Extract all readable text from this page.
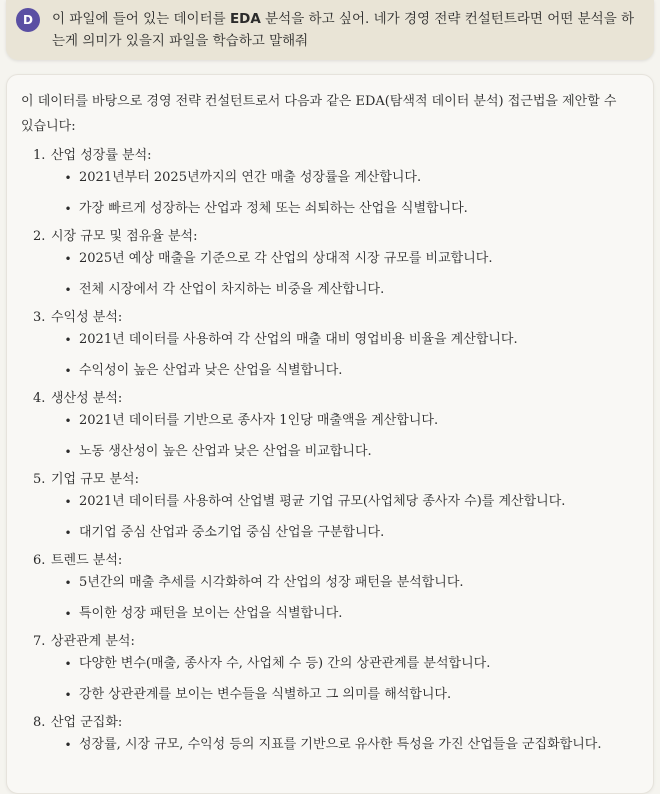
D	이 파일에 들어 있는 데이터를 EDA 분석을 하고 싶어. 네가 경영 전략 컨설턴트라면 어떤 분석을 하는게 의미가 있을지 파일을 학습하고 말해줘
이 데이터를 바탕으로 경영 전략 컨설턴트로서 다음과 같은 EDA(탐색적 데이터 분석) 접근법을 제안할 수 있습니다:
1. 산업 성장률 분석:
• 2021년부터 2025년까지의 연간 매출 성장률을 계산합니다.
• 가장 빠르게 성장하는 산업과 정체 또는 쇠퇴하는 산업을 식별합니다.
2. 시장 규모 및 점유율 분석:
• 2025년 예상 매출을 기준으로 각 산업의 상대적 시장 규모를 비교합니다.
• 전체 시장에서 각 산업이 차지하는 비중을 계산합니다.
3. 수익성 분석:
• 2021년 데이터를 사용하여 각 산업의 매출 대비 영업비용 비율을 계산합니다.
• 수익성이 높은 산업과 낮은 산업을 식별합니다.
4. 생산성 분석:
• 2021년 데이터를 기반으로 종사자 1인당 매출액을 계산합니다.
• 노동 생산성이 높은 산업과 낮은 산업을 비교합니다.
5. 기업 규모 분석:
• 2021년 데이터를 사용하여 산업별 평균 기업 규모(사업체당 종사자 수)를 계산합니다.
• 대기업 중심 산업과 중소기업 중심 산업을 구분합니다.
6. 트렌드 분석:
• 5년간의 매출 추세를 시각화하여 각 산업의 성장 패턴을 분석합니다.
• 특이한 성장 패턴을 보이는 산업을 식별합니다.
7. 상관관계 분석:
• 다양한 변수(매출, 종사자 수, 사업체 수 등) 간의 상관관계를 분석합니다.
• 강한 상관관계를 보이는 변수들을 식별하고 그 의미를 해석합니다.
8. 산업 군집화:
• 성장률, 시장 규모, 수익성 등의 지표를 기반으로 유사한 특성을 가진 산업들을 군집화합니다.
